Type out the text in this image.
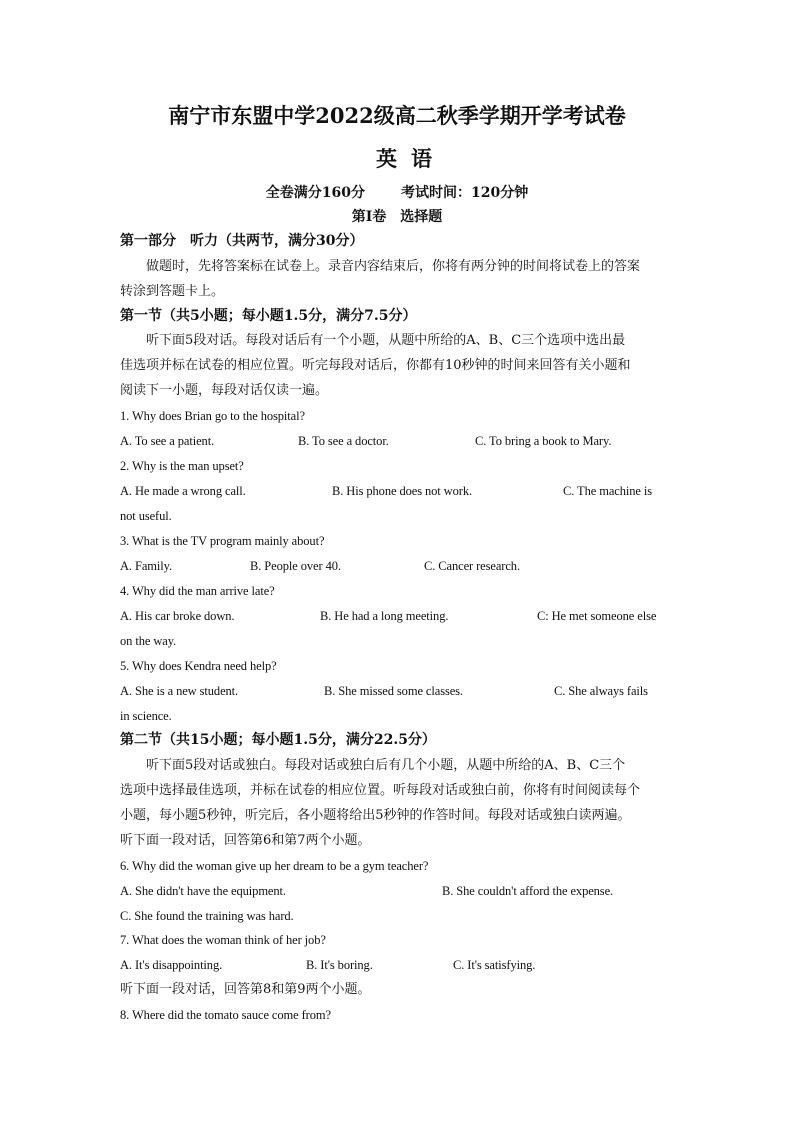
南宁市东盟中学2022级高二秋季学期开学考试卷
英语
全卷满分160分	考试时间：120分钟
第I卷　选择题
第一部分　听力（共两节，满分30分）
做题时，先将答案标在试卷上。录音内容结束后，你将有两分钟的时间将试卷上的答案
转涂到答题卡上。
第一节（共5小题；每小题1.5分，满分7.5分）
听下面5段对话。每段对话后有一个小题，从题中所给的A、B、C三个选项中选出最
佳选项并标在试卷的相应位置。听完每段对话后，你都有10秒钟的时间来回答有关小题和
阅读下一小题，每段对话仅读一遍。
1. Why does Brian go to the hospital?
A. To see a patient.	B. To see a doctor.	C. To bring a book to Mary.
2. Why is the man upset?
A. He made a wrong call.	B. His phone does not work.	C. The machine is
not useful.
3. What is the TV program mainly about?
A. Family.	B. People over 40.	C. Cancer research.
4. Why did the man arrive late?
A. His car broke down.	B. He had a long meeting.	C: He met someone else
on the way.
5. Why does Kendra need help?
A. She is a new student.	B. She missed some classes.	C. She always fails
in science.
第二节（共15小题；每小题1.5分，满分22.5分）
听下面5段对话或独白。每段对话或独白后有几个小题，从题中所给的A、B、C三个
选项中选择最佳选项，并标在试卷的相应位置。听每段对话或独白前，你将有时间阅读每个
小题，每小题5秒钟，听完后，各小题将给出5秒钟的作答时间。每段对话或独白读两遍。
听下面一段对话，回答第6和第7两个小题。
6. Why did the woman give up her dream to be a gym teacher?
A. She didn't have the equipment.	B. She couldn't afford the expense.
C. She found the training was hard.
7. What does the woman think of her job?
A. It's disappointing.	B. It's boring.	C. It's satisfying.
听下面一段对话，回答第8和第9两个小题。
8. Where did the tomato sauce come from?
